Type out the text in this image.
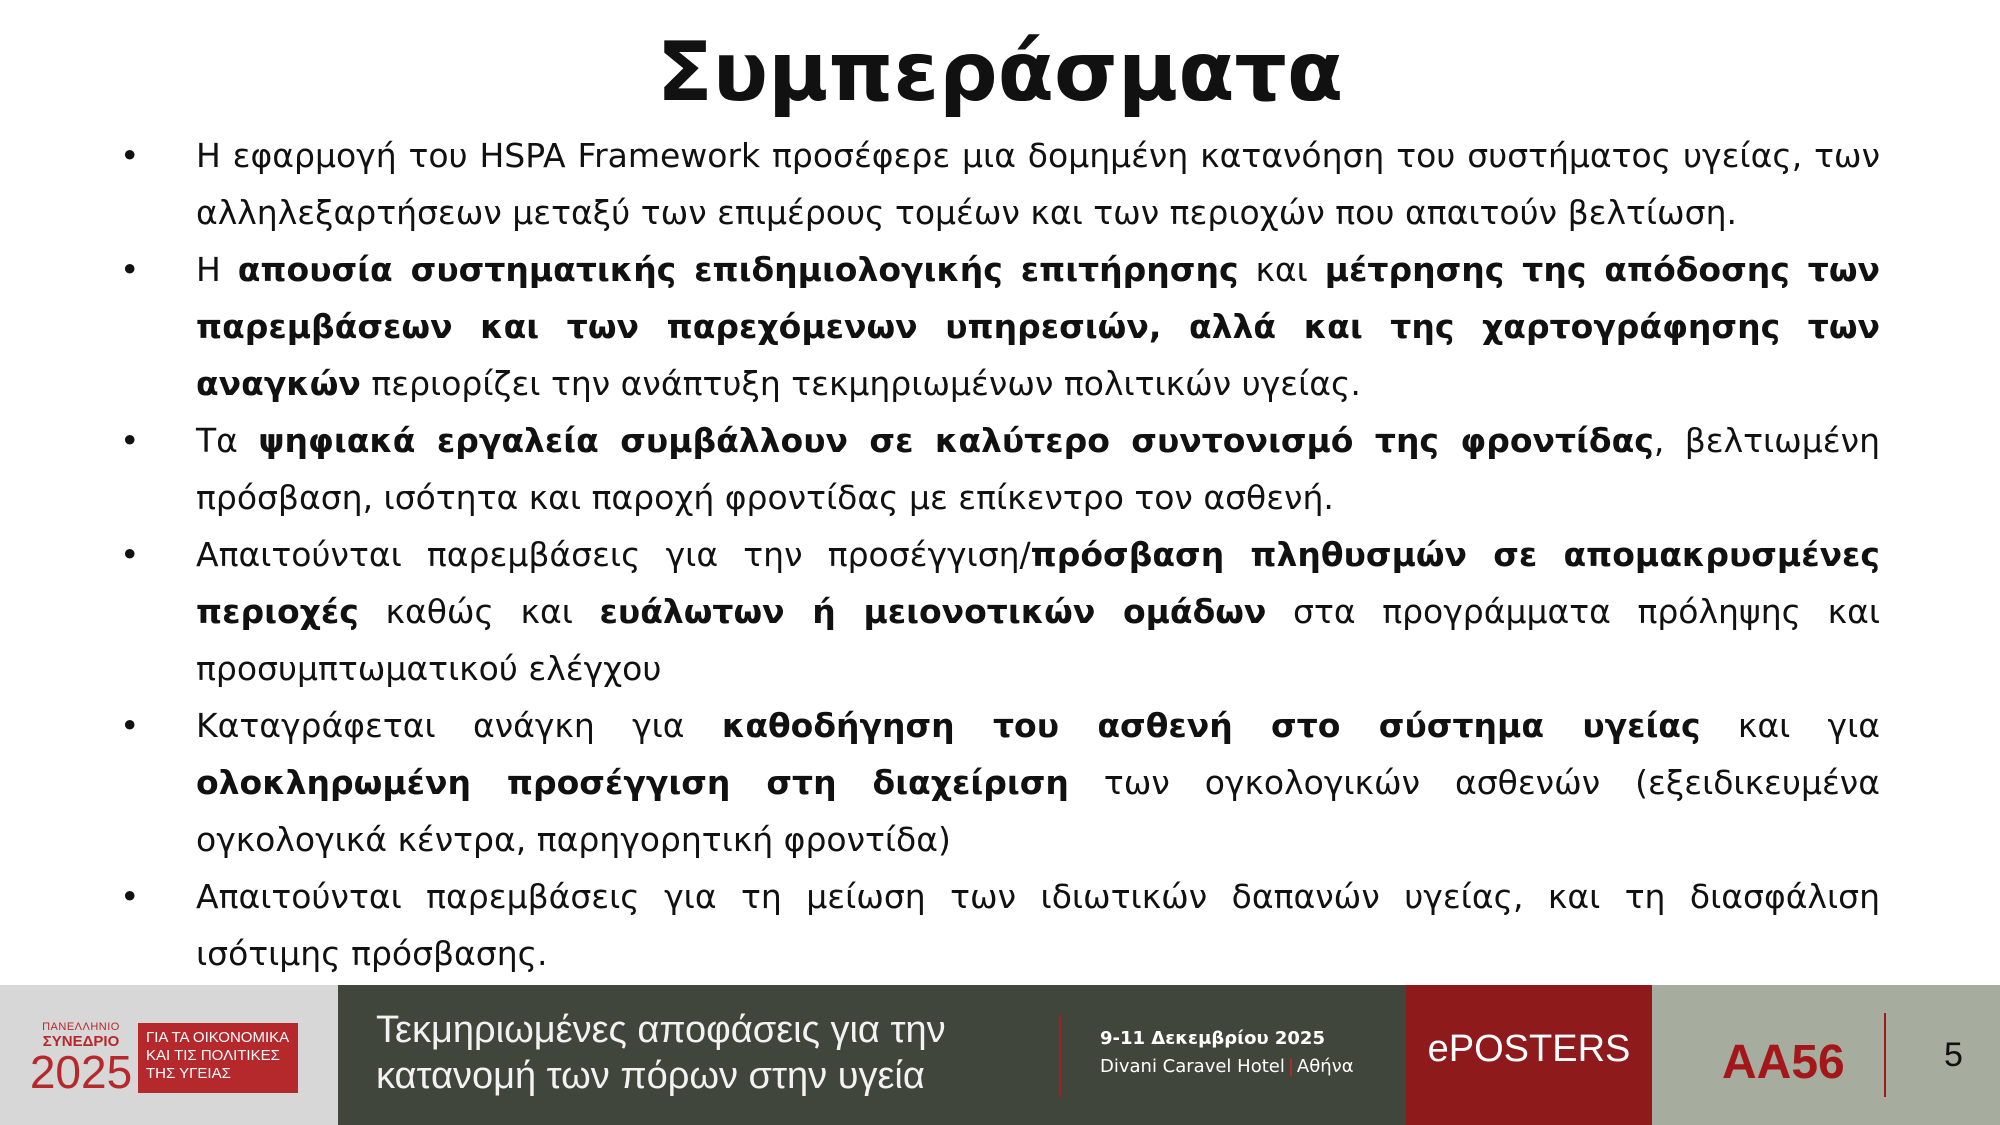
Συμπεράσματα
• Η εφαρμογή του HSPA Framework προσέφερε μια δομημένη κατανόηση του συστήματος υγείας, των αλληλεξαρτήσεων μεταξύ των επιμέρους τομέων και των περιοχών που απαιτούν βελτίωση.
• Η απουσία συστηματικής επιδημιολογικής επιτήρησης και μέτρησης της απόδοσης των παρεμβάσεων και των παρεχόμενων υπηρεσιών, αλλά και της χαρτογράφησης των αναγκών περιορίζει την ανάπτυξη τεκμηριωμένων πολιτικών υγείας.
• Τα ψηφιακά εργαλεία συμβάλλουν σε καλύτερο συντονισμό της φροντίδας, βελτιωμένη πρόσβαση, ισότητα και παροχή φροντίδας με επίκεντρο τον ασθενή.
• Απαιτούνται παρεμβάσεις για την προσέγγιση/πρόσβαση πληθυσμών σε απομακρυσμένες περιοχές καθώς και ευάλωτων ή μειονοτικών ομάδων στα προγράμματα πρόληψης και προσυμπτωματικού ελέγχου
• Καταγράφεται ανάγκη για καθοδήγηση του ασθενή στο σύστημα υγείας και για ολοκληρωμένη προσέγγιση στη διαχείριση των ογκολογικών ασθενών (εξειδικευμένα ογκολογικά κέντρα, παρηγορητική φροντίδα)
• Απαιτούνται παρεμβάσεις για τη μείωση των ιδιωτικών δαπανών υγείας, και τη διασφάλιση ισότιμης πρόσβασης.
ΠΑΝΕΛΛΗΝΙΟ
ΣΥΝΕΔΡΙΟ
2025
ΓΙΑ ΤΑ ΟΙΚΟΝΟΜΙΚΑ
ΚΑΙ ΤΙΣ ΠΟΛΙΤΙΚΕΣ
ΤΗΣ ΥΓΕΙΑΣ
Τεκμηριωμένες αποφάσεις για την
κατανομή των πόρων στην υγεία
9-11 Δεκεμβρίου 2025
Divani Caravel Hotel | Αθήνα	ePOSTERS	AA56	5
